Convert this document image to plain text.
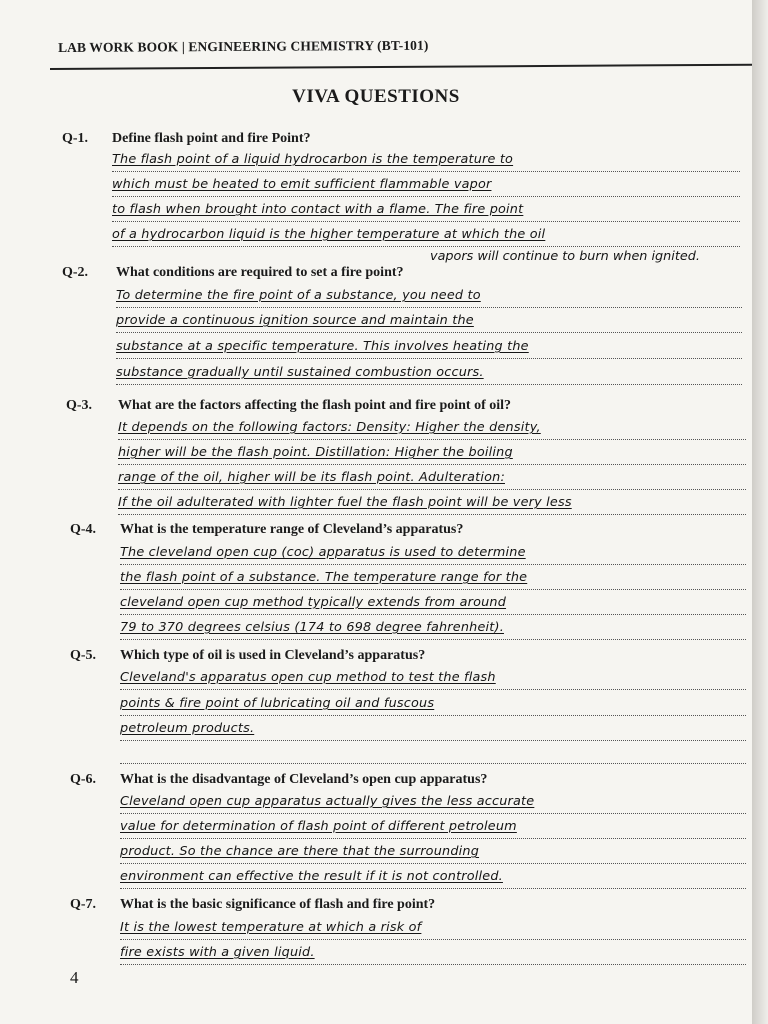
LAB WORK BOOK | ENGINEERING CHEMISTRY (BT-101)
VIVA QUESTIONS
Q-1. Define flash point and fire Point?
The flash point of a liquid hydrocarbon is the temperature to
which must be heated to emit sufficient flammable vapor
to flash when brought into contact with a flame. The fire point
of a hydrocarbon liquid is the higher temperature at which the oil
vapors will continue to burn when ignited.
Q-2. What conditions are required to set a fire point?
To determine the fire point of a substance, you need to
provide a continuous ignition source and maintain the
substance at a specific temperature. This involves heating the
substance gradually until sustained combustion occurs.
Q-3. What are the factors affecting the flash point and fire point of oil?
It depends on the following factors: Density: Higher the density,
higher will be the flash point. Distillation: Higher the boiling
range of the oil, higher will be its flash point. Adulteration:
If the oil adulterated with lighter fuel the flash point will be very less
Q-4. What is the temperature range of Cleveland’s apparatus?
The cleveland open cup (coc) apparatus is used to determine
the flash point of a substance. The temperature range for the
cleveland open cup method typically extends from around
79 to 370 degrees celsius (174 to 698 degree fahrenheit).
Q-5. Which type of oil is used in Cleveland’s apparatus?
Cleveland's apparatus open cup method to test the flash
points & fire point of lubricating oil and fuscous
petroleum products.
Q-6. What is the disadvantage of Cleveland’s open cup apparatus?
Cleveland open cup apparatus actually gives the less accurate
value for determination of flash point of different petroleum
product. So the chance are there that the surrounding
environment can effective the result if it is not controlled.
Q-7. What is the basic significance of flash and fire point?
It is the lowest temperature at which a risk of
fire exists with a given liquid.
4
